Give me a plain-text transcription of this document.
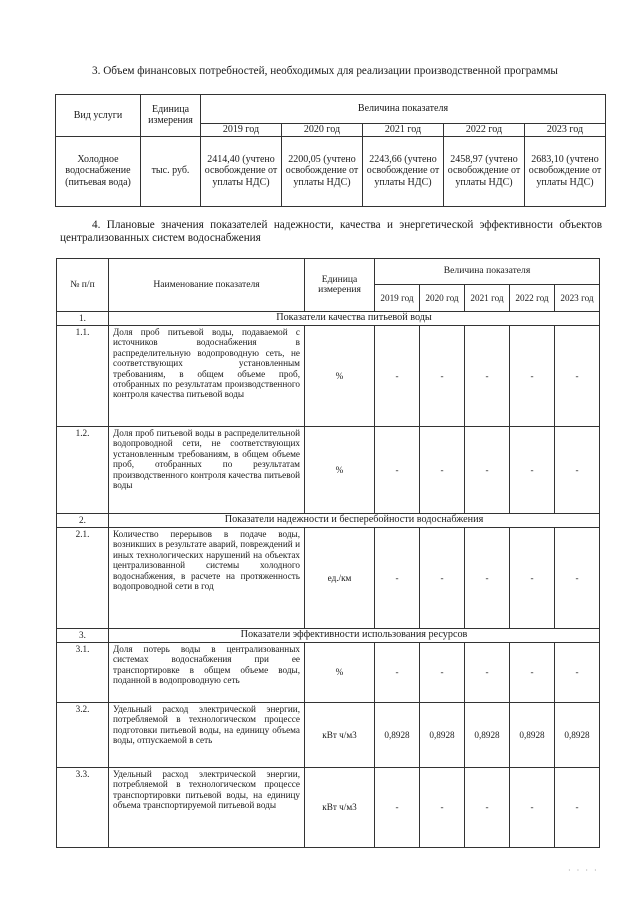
3. Объем финансовых потребностей, необходимых для реализации производственной программы
Вид услуги	Единица измерения	Величина показателя				
		2019 год	2020 год	2021 год	2022 год	2023 год
Холодное водоснабжение (питьевая вода)	тыс. руб.	2414,40 (учтено освобождение от уплаты НДС)	2200,05 (учтено освобождение от уплаты НДС)	2243,66 (учтено освобождение от уплаты НДС)	2458,97 (учтено освобождение от уплаты НДС)	2683,10 (учтено освобождение от уплаты НДС)
4. Плановые значения показателей надежности, качества и энергетической эффективности объектов централизованных систем водоснабжения
№ п/п	Наименование показателя	Единица измерения	Величина показателя				
			2019 год	2020 год	2021 год	2022 год	2023 год
1.	Показатели качества питьевой воды						
1.1.	Доля проб питьевой воды, подаваемой с источников водоснабжения в распределительную водопроводную сеть, не соответствующих установленным требованиям, в общем объеме проб, отобранных по результатам производственного контроля качества питьевой воды	%	-	-	-	-	-
1.2.	Доля проб питьевой воды в распределительной водопроводной сети, не соответствующих установленным требованиям, в общем объеме проб, отобранных по результатам производственного контроля качества питьевой воды	%	-	-	-	-	-
2.	Показатели надежности и бесперебойности водоснабжения						
2.1.	Количество перерывов в подаче воды, возникших в результате аварий, повреждений и иных технологических нарушений на объектах централизованной системы холодного водоснабжения, в расчете на протяженность водопроводной сети в год	ед./км	-	-	-	-	-
3.	Показатели эффективности использования ресурсов						
3.1.	Доля потерь воды в централизованных системах водоснабжения при ее транспортировке в общем объеме воды, поданной в водопроводную сеть	%	-	-	-	-	-
3.2.	Удельный расход электрической энергии, потребляемой в технологическом процессе подготовки питьевой воды, на единицу объема воды, отпускаемой в сеть	кВт ч/м3	0,8928	0,8928	0,8928	0,8928	0,8928
3.3.	Удельный расход электрической энергии, потребляемой в технологическом процессе транспортировки питьевой воды, на единицу объема транспортируемой питьевой воды	кВт ч/м3	-	-	-	-	-
· · · ·
